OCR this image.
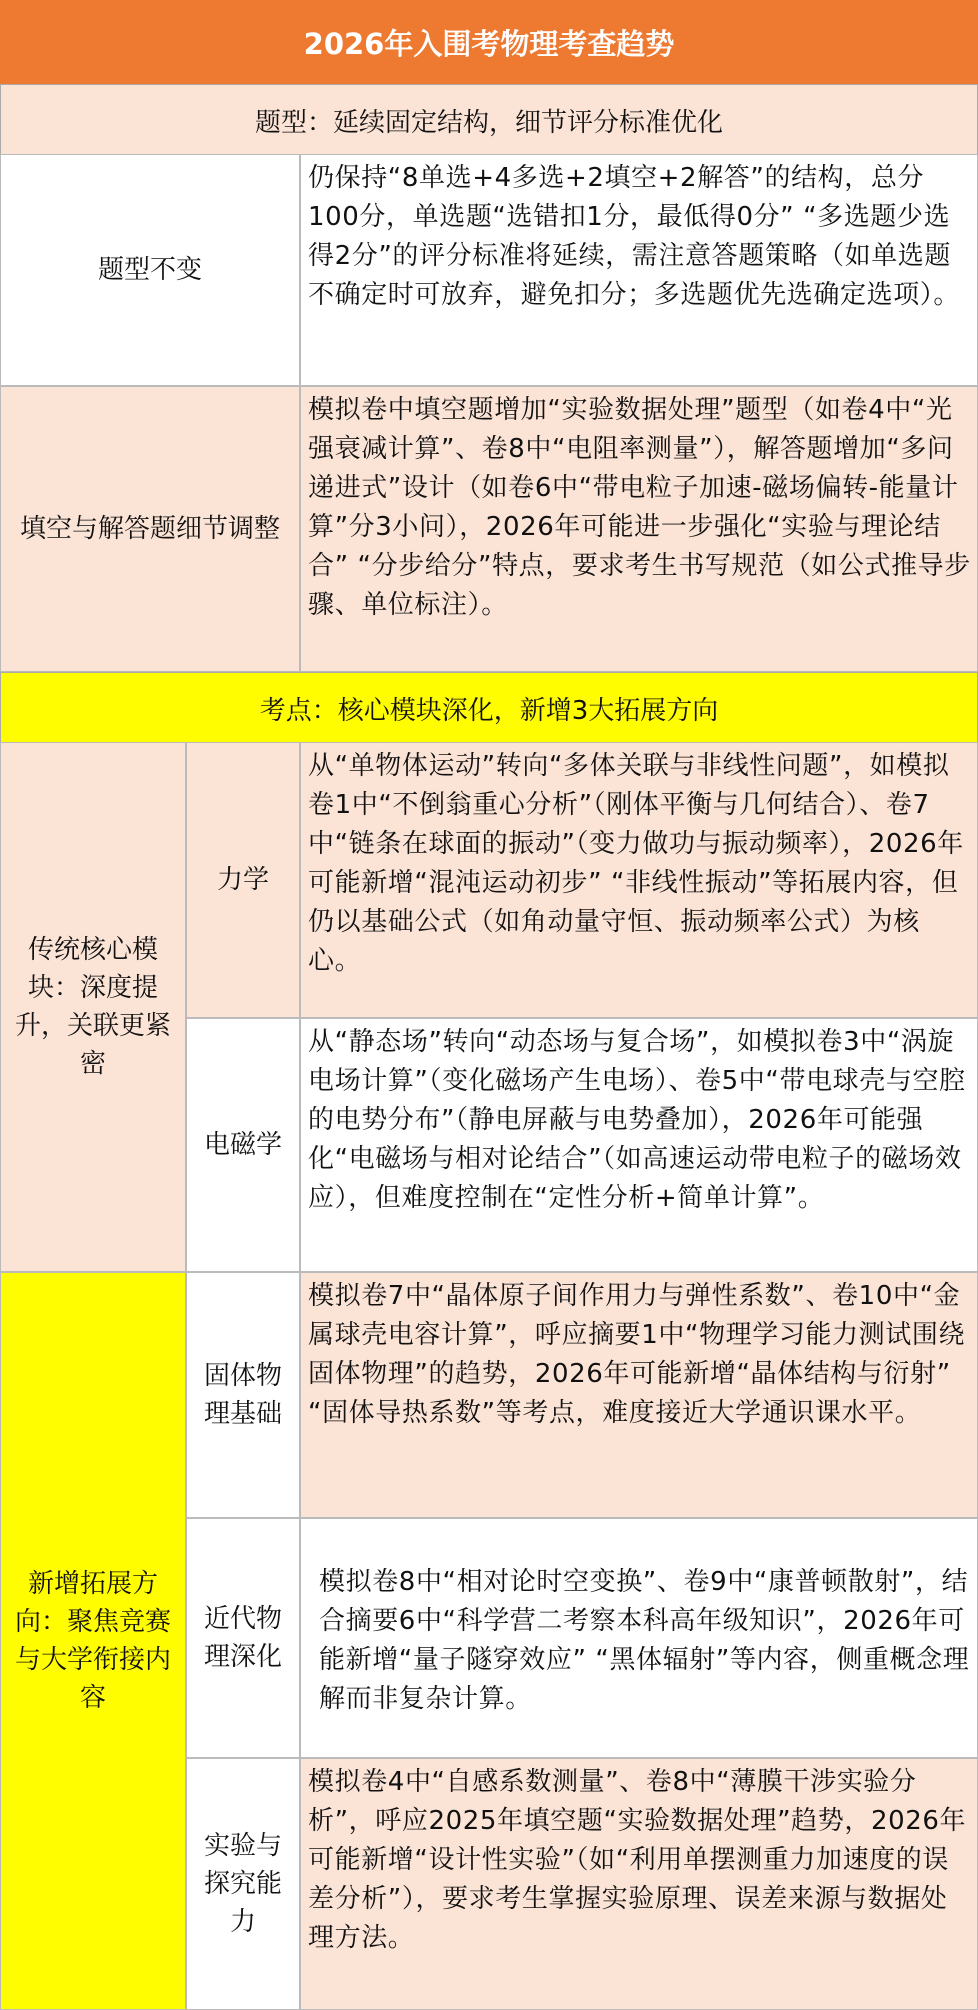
2026年入围考物理考查趋势
题型：延续固定结构，细节评分标准优化
题型不变
仍保持“8单选+4多选+2填空+2解答”的结构，总分100分，单选题“选错扣1分，最低得0分” “多选题少选得2分”的评分标准将延续，需注意答题策略（如单选题不确定时可放弃，避免扣分；多选题优先选确定选项）。
填空与解答题细节调整
模拟卷中填空题增加“实验数据处理”题型（如卷4中“光强衰减计算”、卷8中“电阻率测量”），解答题增加“多问递进式”设计（如卷6中“带电粒子加速-磁场偏转-能量计算”分3小问），2026年可能进一步强化“实验与理论结合” “分步给分”特点，要求考生书写规范（如公式推导步骤、单位标注）。
考点：核心模块深化，新增3大拓展方向
传统核心模块：深度提升，关联更紧密
力学
从“单物体运动”转向“多体关联与非线性问题”，如模拟卷1中“不倒翁重心分析”（刚体平衡与几何结合）、卷7中“链条在球面的振动”（变力做功与振动频率），2026年可能新增“混沌运动初步” “非线性振动”等拓展内容，但仍以基础公式（如角动量守恒、振动频率公式）为核心。
电磁学
从“静态场”转向“动态场与复合场”，如模拟卷3中“涡旋电场计算”（变化磁场产生电场）、卷5中“带电球壳与空腔的电势分布”（静电屏蔽与电势叠加），2026年可能强化“电磁场与相对论结合”（如高速运动带电粒子的磁场效应），但难度控制在“定性分析+简单计算”。
新增拓展方向：聚焦竞赛与大学衔接内容
固体物理基础
模拟卷7中“晶体原子间作用力与弹性系数”、卷10中“金属球壳电容计算”，呼应摘要1中“物理学习能力测试围绕固体物理”的趋势，2026年可能新增“晶体结构与衍射” “固体导热系数”等考点，难度接近大学通识课水平。
近代物理深化
模拟卷8中“相对论时空变换”、卷9中“康普顿散射”，结合摘要6中“科学营二考察本科高年级知识”，2026年可能新增“量子隧穿效应” “黑体辐射”等内容，侧重概念理解而非复杂计算。
实验与探究能力
模拟卷4中“自感系数测量”、卷8中“薄膜干涉实验分析”，呼应2025年填空题“实验数据处理”趋势，2026年可能新增“设计性实验”（如“利用单摆测重力加速度的误差分析”），要求考生掌握实验原理、误差来源与数据处理方法。
